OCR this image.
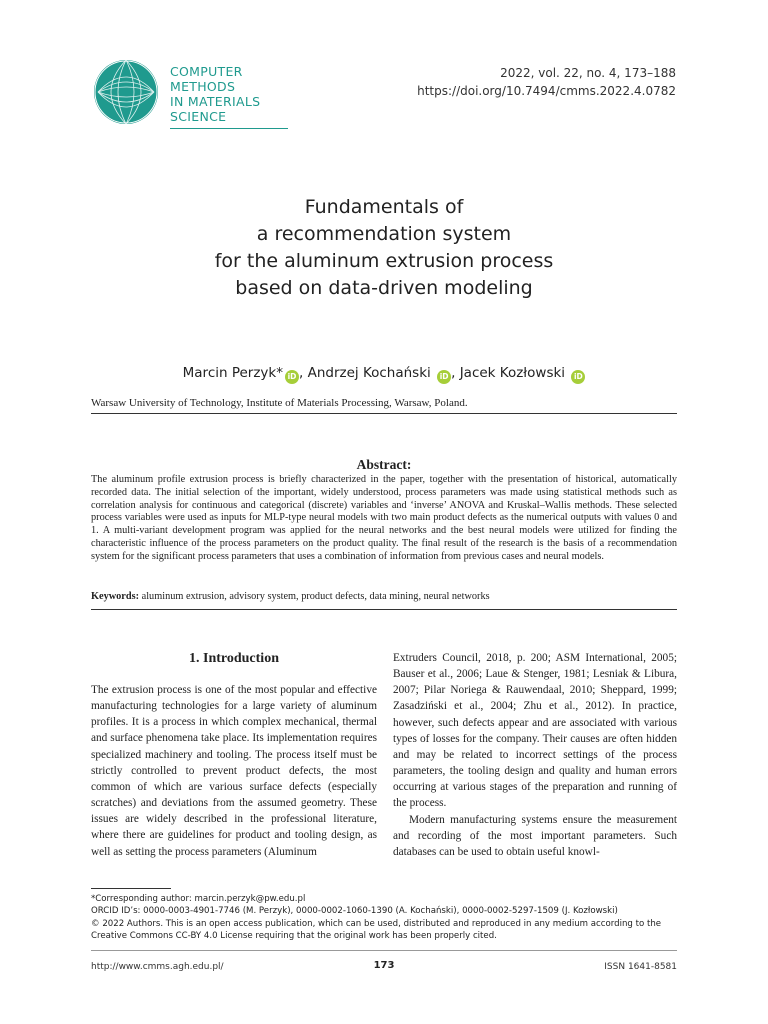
COMPUTER
METHODS
IN MATERIALS
SCIENCE
2022, vol. 22, no. 4, 173–188
https://doi.org/10.7494/cmms.2022.4.0782
Fundamentals of
a recommendation system
for the aluminum extrusion process
based on data-driven modeling
Marcin Perzyk* iD , Andrzej Kochański iD , Jacek Kozłowski iD
Warsaw University of Technology, Institute of Materials Processing, Warsaw, Poland.
Abstract:
The aluminum profile extrusion process is briefly characterized in the paper, together with the presentation of historical, automatically recorded data. The initial selection of the important, widely understood, process parameters was made using statistical methods such as correlation analysis for continuous and categorical (discrete) variables and ‘inverse’ ANOVA and Kruskal–Wallis methods. These selected process variables were used as inputs for MLP-type neural models with two main product defects as the numerical outputs with values 0 and 1. A multi-variant development program was applied for the neural networks and the best neural models were utilized for finding the characteristic influence of the process parameters on the product quality. The final result of the research is the basis of a recommendation system for the significant process parameters that uses a combination of information from previous cases and neural models.
Keywords: aluminum extrusion, advisory system, product defects, data mining, neural networks
1. Introduction

The extrusion process is one of the most popular and effective manufacturing technologies for a large variety of aluminum profiles. It is a process in which complex mechanical, thermal and surface phenomena take place. Its implementation requires specialized machinery and tooling. The process itself must be strictly controlled to prevent product defects, the most common of which are various surface defects (especially scratches) and deviations from the assumed geometry. These issues are widely described in the professional literature, where there are guidelines for product and tooling design, as well as setting the process parameters (Aluminum

Extruders Council, 2018, p. 200; ASM International, 2005; Bauser et al., 2006; Laue & Stenger, 1981; Lesniak & Libura, 2007; Pilar Noriega & Rauwendaal, 2010; Sheppard, 1999; Zasadziński et al., 2004; Zhu et al., 2012). In practice, however, such defects appear and are associated with various types of losses for the company. Their causes are often hidden and may be related to incorrect settings of the process parameters, the tooling design and quality and human errors occurring at various stages of the preparation and running of the process.

Modern manufacturing systems ensure the measurement and recording of the most important parameters. Such databases can be used to obtain useful knowl-

*Corresponding author: marcin.perzyk@pw.edu.pl
ORCID ID’s: 0000-0003-4901-7746 (M. Perzyk), 0000-0002-1060-1390 (A. Kochański), 0000-0002-5297-1509 (J. Kozłowski)
© 2022 Authors. This is an open access publication, which can be used, distributed and reproduced in any medium according to the Creative Commons CC-BY 4.0 License requiring that the original work has been properly cited.
http://www.cmms.agh.edu.pl/	173	ISSN 1641-8581
